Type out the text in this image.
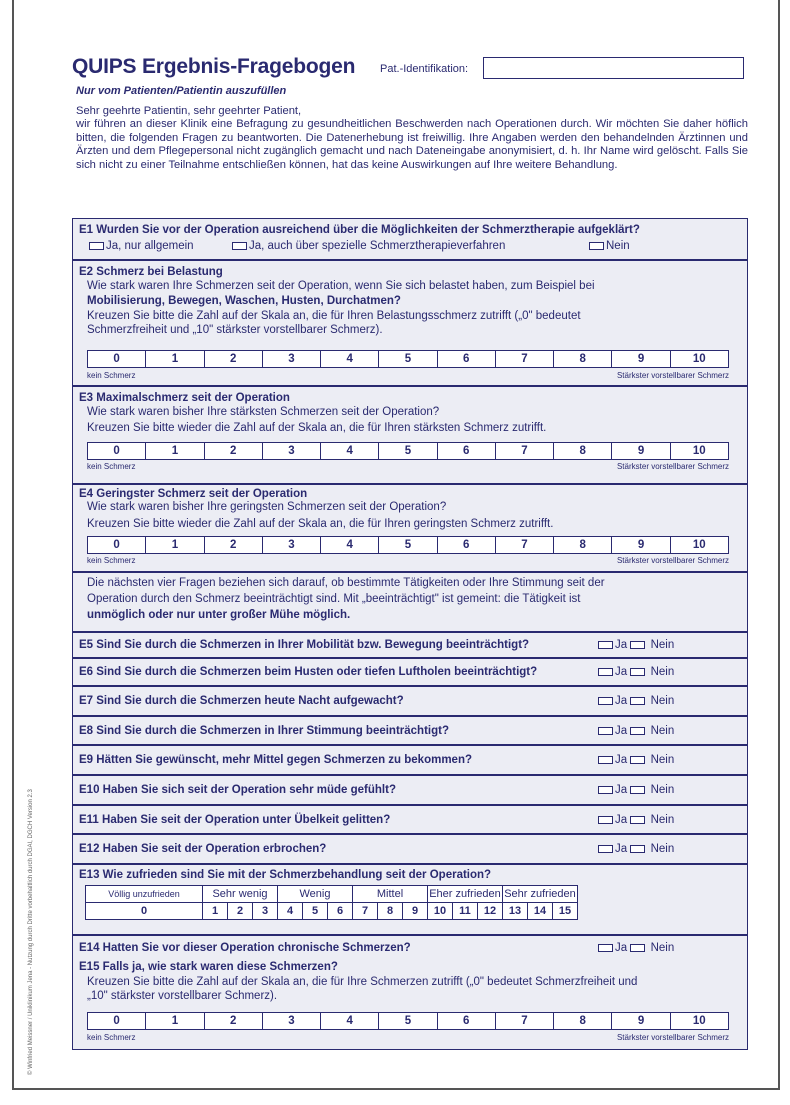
QUIPS Ergebnis-Fragebogen Pat.-Identifikation:
Nur vom Patienten/Patientin auszufüllen
Sehr geehrte Patientin, sehr geehrter Patient,
wir führen an dieser Klinik eine Befragung zu gesundheitlichen Beschwerden nach Operationen durch. Wir möchten Sie daher höflich bitten, die folgenden Fragen zu beantworten. Die Datenerhebung ist freiwillig. Ihre Angaben werden den behandelnden Ärztinnen und Ärzten und dem Pflegepersonal nicht zugänglich gemacht und nach Dateneingabe anonymisiert, d. h. Ihr Name wird gelöscht. Falls Sie sich nicht zu einer Teilnahme entschließen können, hat das keine Auswirkungen auf Ihre weitere Behandlung.
E1 Wurden Sie vor der Operation ausreichend über die Möglichkeiten der Schmerztherapie aufgeklärt?
Ja, nur allgemein	Ja, auch über spezielle Schmerztherapieverfahren	Nein
E2 Schmerz bei Belastung
Wie stark waren Ihre Schmerzen seit der Operation, wenn Sie sich belastet haben, zum Beispiel bei
Mobilisierung, Bewegen, Waschen, Husten, Durchatmen?
Kreuzen Sie bitte die Zahl auf der Skala an, die für Ihren Belastungsschmerz zutrifft („0" bedeutet
Schmerzfreiheit und „10" stärkster vorstellbarer Schmerz).
0	1	2	3	4	5	6	7	8	9	10
kein Schmerz	Stärkster vorstellbarer Schmerz
E3 Maximalschmerz seit der Operation
Wie stark waren bisher Ihre stärksten Schmerzen seit der Operation?
Kreuzen Sie bitte wieder die Zahl auf der Skala an, die für Ihren stärksten Schmerz zutrifft.
0	1	2	3	4	5	6	7	8	9	10
kein Schmerz	Stärkster vorstellbarer Schmerz
E4 Geringster Schmerz seit der Operation
Wie stark waren bisher Ihre geringsten Schmerzen seit der Operation?
Kreuzen Sie bitte wieder die Zahl auf der Skala an, die für Ihren geringsten Schmerz zutrifft.
0	1	2	3	4	5	6	7	8	9	10
kein Schmerz	Stärkster vorstellbarer Schmerz
Die nächsten vier Fragen beziehen sich darauf, ob bestimmte Tätigkeiten oder Ihre Stimmung seit der
Operation durch den Schmerz beeinträchtigt sind. Mit „beeinträchtigt" ist gemeint: die Tätigkeit ist
unmöglich oder nur unter großer Mühe möglich.
E5 Sind Sie durch die Schmerzen in Ihrer Mobilität bzw. Bewegung beeinträchtigt?	Ja Nein
E6 Sind Sie durch die Schmerzen beim Husten oder tiefen Luftholen beeinträchtigt?	Ja Nein
E7 Sind Sie durch die Schmerzen heute Nacht aufgewacht?	Ja Nein
E8 Sind Sie durch die Schmerzen in Ihrer Stimmung beeinträchtigt?	Ja Nein
E9 Hätten Sie gewünscht, mehr Mittel gegen Schmerzen zu bekommen?	Ja Nein
E10 Haben Sie sich seit der Operation sehr müde gefühlt?	Ja Nein
E11 Haben Sie seit der Operation unter Übelkeit gelitten?	Ja Nein
E12 Haben Sie seit der Operation erbrochen?	Ja Nein
E13 Wie zufrieden sind Sie mit der Schmerzbehandlung seit der Operation?
Völlig unzufrieden	Sehr wenig			Wenig			Mittel			Eher zufrieden			Sehr zufrieden		
0	1	2	3	4	5	6	7	8	9	10	11	12	13	14	15
E14 Hatten Sie vor dieser Operation chronische Schmerzen?	Ja Nein
E15 Falls ja, wie stark waren diese Schmerzen?
Kreuzen Sie bitte die Zahl auf der Skala an, die für Ihre Schmerzen zutrifft („0" bedeutet Schmerzfreiheit und
„10" stärkster vorstellbarer Schmerz).
0	1	2	3	4	5	6	7	8	9	10
kein Schmerz	Stärkster vorstellbarer Schmerz
© Winfried Meissner / Uniklinikum Jena - Nutzung durch Dritte vorbehaltlich durch DGAI, DGCH Version 2.3
